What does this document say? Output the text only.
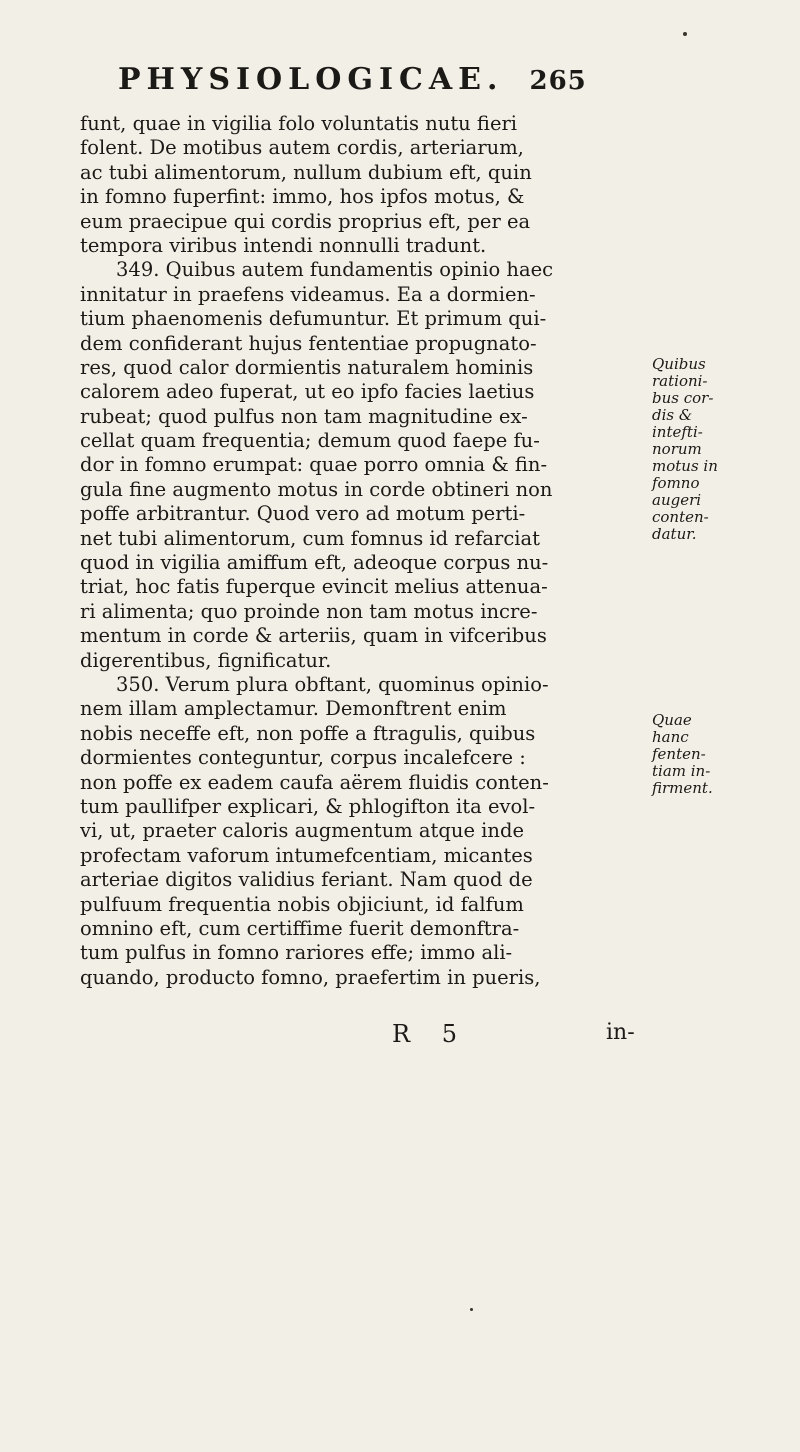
PHYSIOLOGICAE. 265
funt, quae in vigilia folo voluntatis nutu fieri
folent. De motibus autem cordis, arteriarum,
ac tubi alimentorum, nullum dubium eft, quin
in fomno fuperfint: immo, hos ipfos motus, &
eum praecipue qui cordis proprius eft, per ea
tempora viribus intendi nonnulli tradunt.
349. Quibus autem fundamentis opinio haec
innitatur in praefens videamus. Ea a dormien-
tium phaenomenis defumuntur. Et primum qui-
dem confiderant hujus fententiae propugnato-
res, quod calor dormientis naturalem hominis
calorem adeo fuperat, ut eo ipfo facies laetius
rubeat; quod pulfus non tam magnitudine ex-
cellat quam frequentia; demum quod faepe fu-
dor in fomno erumpat: quae porro omnia & fin-
gula fine augmento motus in corde obtineri non
poffe arbitrantur. Quod vero ad motum perti-
net tubi alimentorum, cum fomnus id refarciat
quod in vigilia amiffum eft, adeoque corpus nu-
triat, hoc fatis fuperque evincit melius attenua-
ri alimenta; quo proinde non tam motus incre-
mentum in corde & arteriis, quam in vifceribus
digerentibus, fignificatur.
350. Verum plura obftant, quominus opinio-
nem illam amplectamur. Demonftrent enim
nobis neceffe eft, non poffe a ftragulis, quibus
dormientes conteguntur, corpus incalefcere :
non poffe ex eadem caufa aërem fluidis conten-
tum paullifper explicari, & phlogifton ita evol-
vi, ut, praeter caloris augmentum atque inde
profectam vaforum intumefcentiam, micantes
arteriae digitos validius feriant. Nam quod de
pulfuum frequentia nobis objiciunt, id falfum
omnino eft, cum certiffime fuerit demonftra-
tum pulfus in fomno rariores effe; immo ali-
quando, producto fomno, praefertim in pueris,
Quibus
rationi-
bus cor-
dis &
intefti-
norum
motus in
fomno
augeri
conten-
datur.
Quae
hanc
fenten-
tiam in-
firment.
R 5	in-
